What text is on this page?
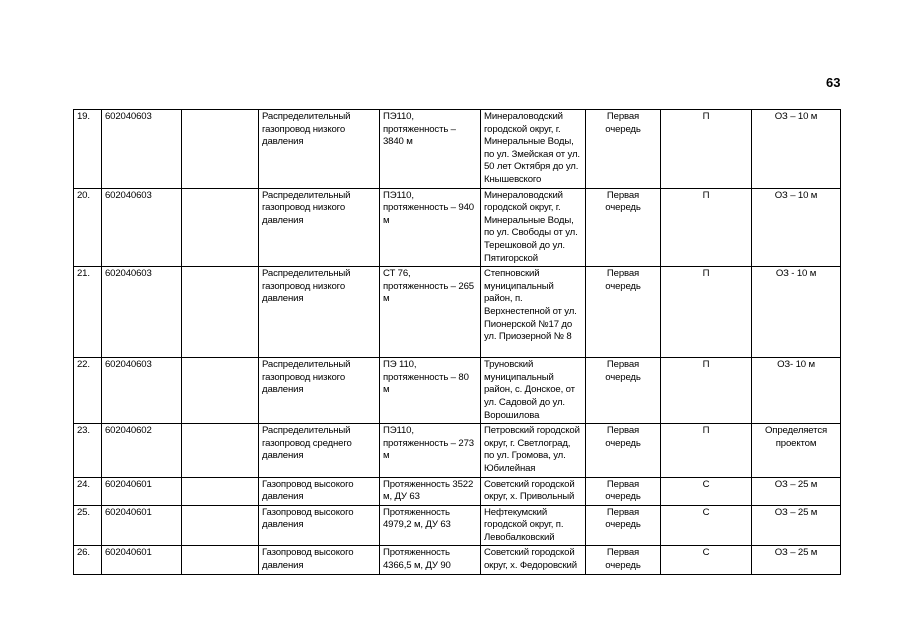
63
19.	602040603		Распределительный газопровод низкого давления	ПЭ110, протяженность – 3840 м	Минераловодский городской округ, г. Минеральные Воды, по ул. Змейская от ул. 50 лет Октября до ул. Кнышевского	Первая очередь	П	ОЗ – 10 м
20.	602040603		Распределительный газопровод низкого давления	ПЭ110, протяженность – 940 м	Минераловодский городской округ, г. Минеральные Воды, по ул. Свободы от ул. Терешковой до ул. Пятигорской	Первая очередь	П	ОЗ – 10 м
21.	602040603		Распределительный газопровод низкого давления	СТ 76, протяженность – 265 м	Степновский муниципальный район, п. Верхнестепной от ул. Пионерской №17 до ул. Приозерной № 8	Первая очередь	П	ОЗ - 10 м
22.	602040603		Распределительный газопровод низкого давления	ПЭ 110, протяженность – 80 м	Труновский муниципальный район, с. Донское, от ул. Садовой до ул. Ворошилова	Первая очередь	П	ОЗ- 10 м
23.	602040602		Распределительный газопровод среднего давления	ПЭ110, протяженность – 273 м	Петровский городской округ, г. Светлоград, по ул. Громова, ул. Юбилейная	Первая очередь	П	Определяется проектом
24.	602040601		Газопровод высокого давления	Протяженность 3522 м, ДУ 63	Советский городской округ, х. Привольный	Первая очередь	С	ОЗ – 25 м
25.	602040601		Газопровод высокого давления	Протяженность 4979,2 м, ДУ 63	Нефтекумский городской округ, п. Левобалковский	Первая очередь	С	ОЗ – 25 м
26.	602040601		Газопровод высокого давления	Протяженность 4366,5 м, ДУ 90	Советский городской округ, х. Федоровский	Первая очередь	С	ОЗ – 25 м
